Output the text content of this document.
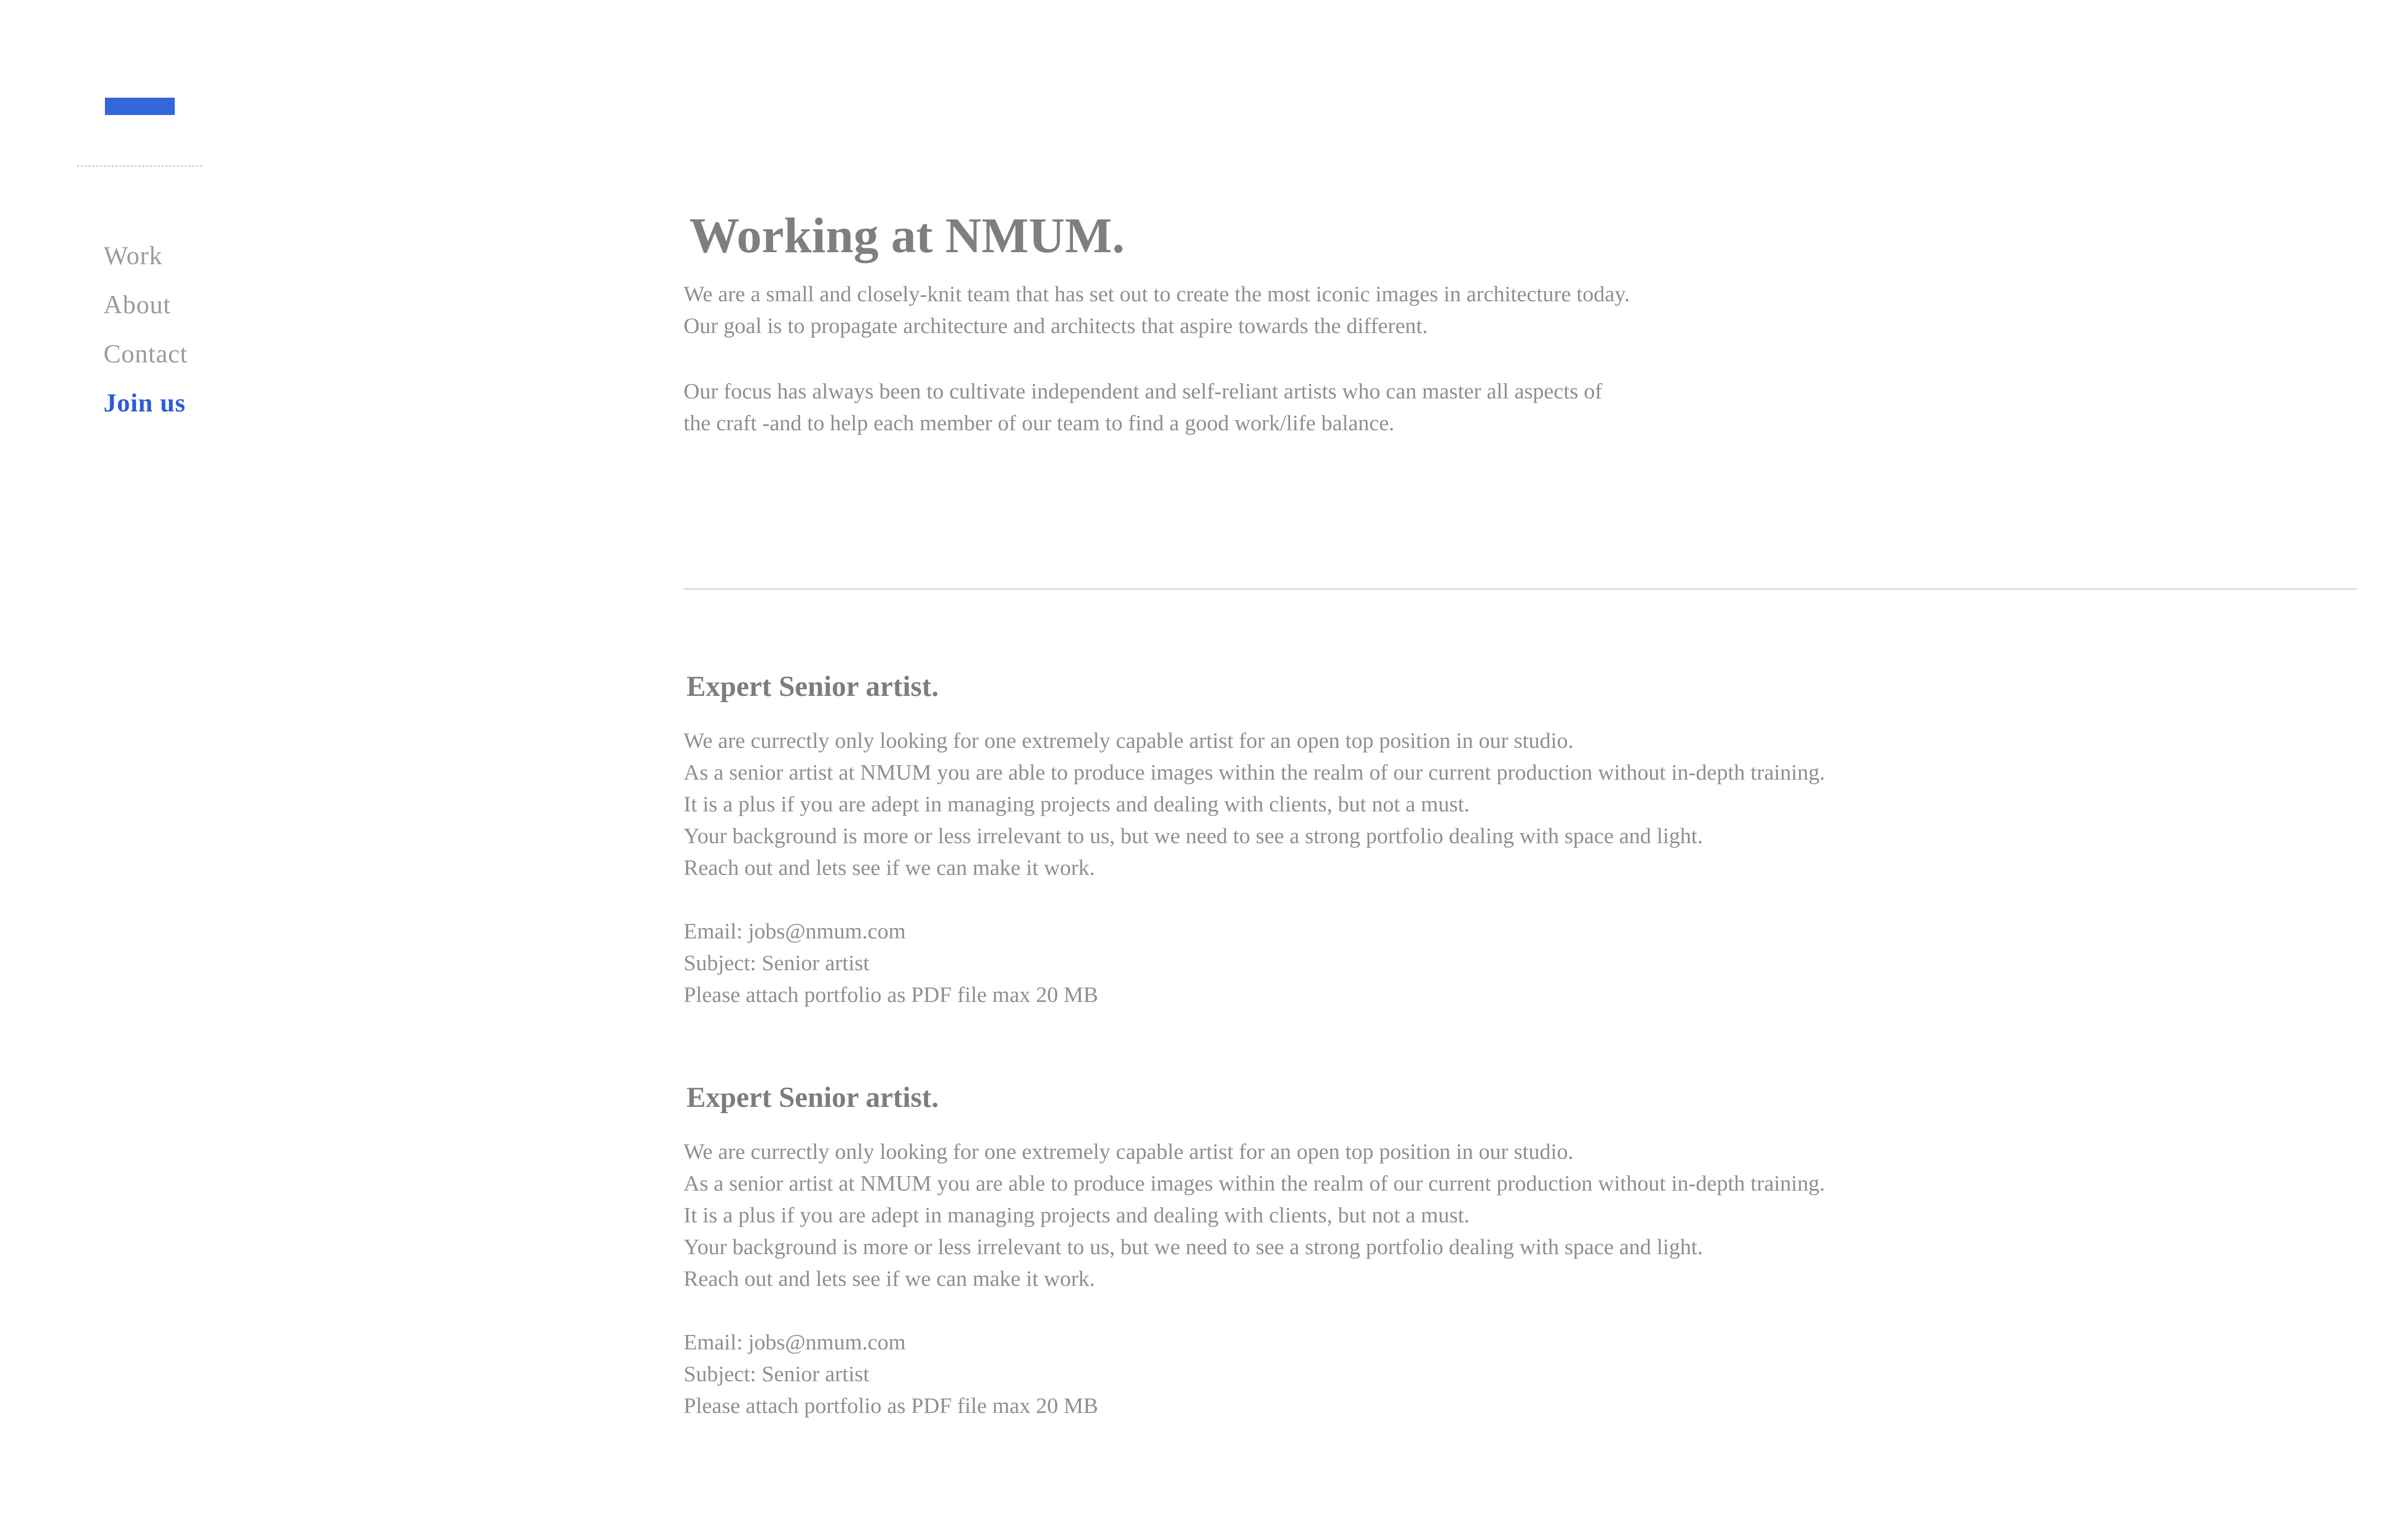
Work
About
Contact
Join us
Working at NMUM.

We are a small and closely-knit team that has set out to create the most iconic images in architecture today.
Our goal is to propagate architecture and architects that aspire towards the different.

Our focus has always been to cultivate independent and self-reliant artists who can master all aspects of
the craft -and to help each member of our team to find a good work/life balance.

Expert Senior artist.
We are currectly only looking for one extremely capable artist for an open top position in our studio.
As a senior artist at NMUM you are able to produce images within the realm of our current production without in-depth training.
It is a plus if you are adept in managing projects and dealing with clients, but not a must.
Your background is more or less irrelevant to us, but we need to see a strong portfolio dealing with space and light.
Reach out and lets see if we can make it work.
Email: jobs@nmum.com
Subject: Senior artist
Please attach portfolio as PDF file max 20 MB
Expert Senior artist.
We are currectly only looking for one extremely capable artist for an open top position in our studio.
As a senior artist at NMUM you are able to produce images within the realm of our current production without in-depth training.
It is a plus if you are adept in managing projects and dealing with clients, but not a must.
Your background is more or less irrelevant to us, but we need to see a strong portfolio dealing with space and light.
Reach out and lets see if we can make it work.
Email: jobs@nmum.com
Subject: Senior artist
Please attach portfolio as PDF file max 20 MB
